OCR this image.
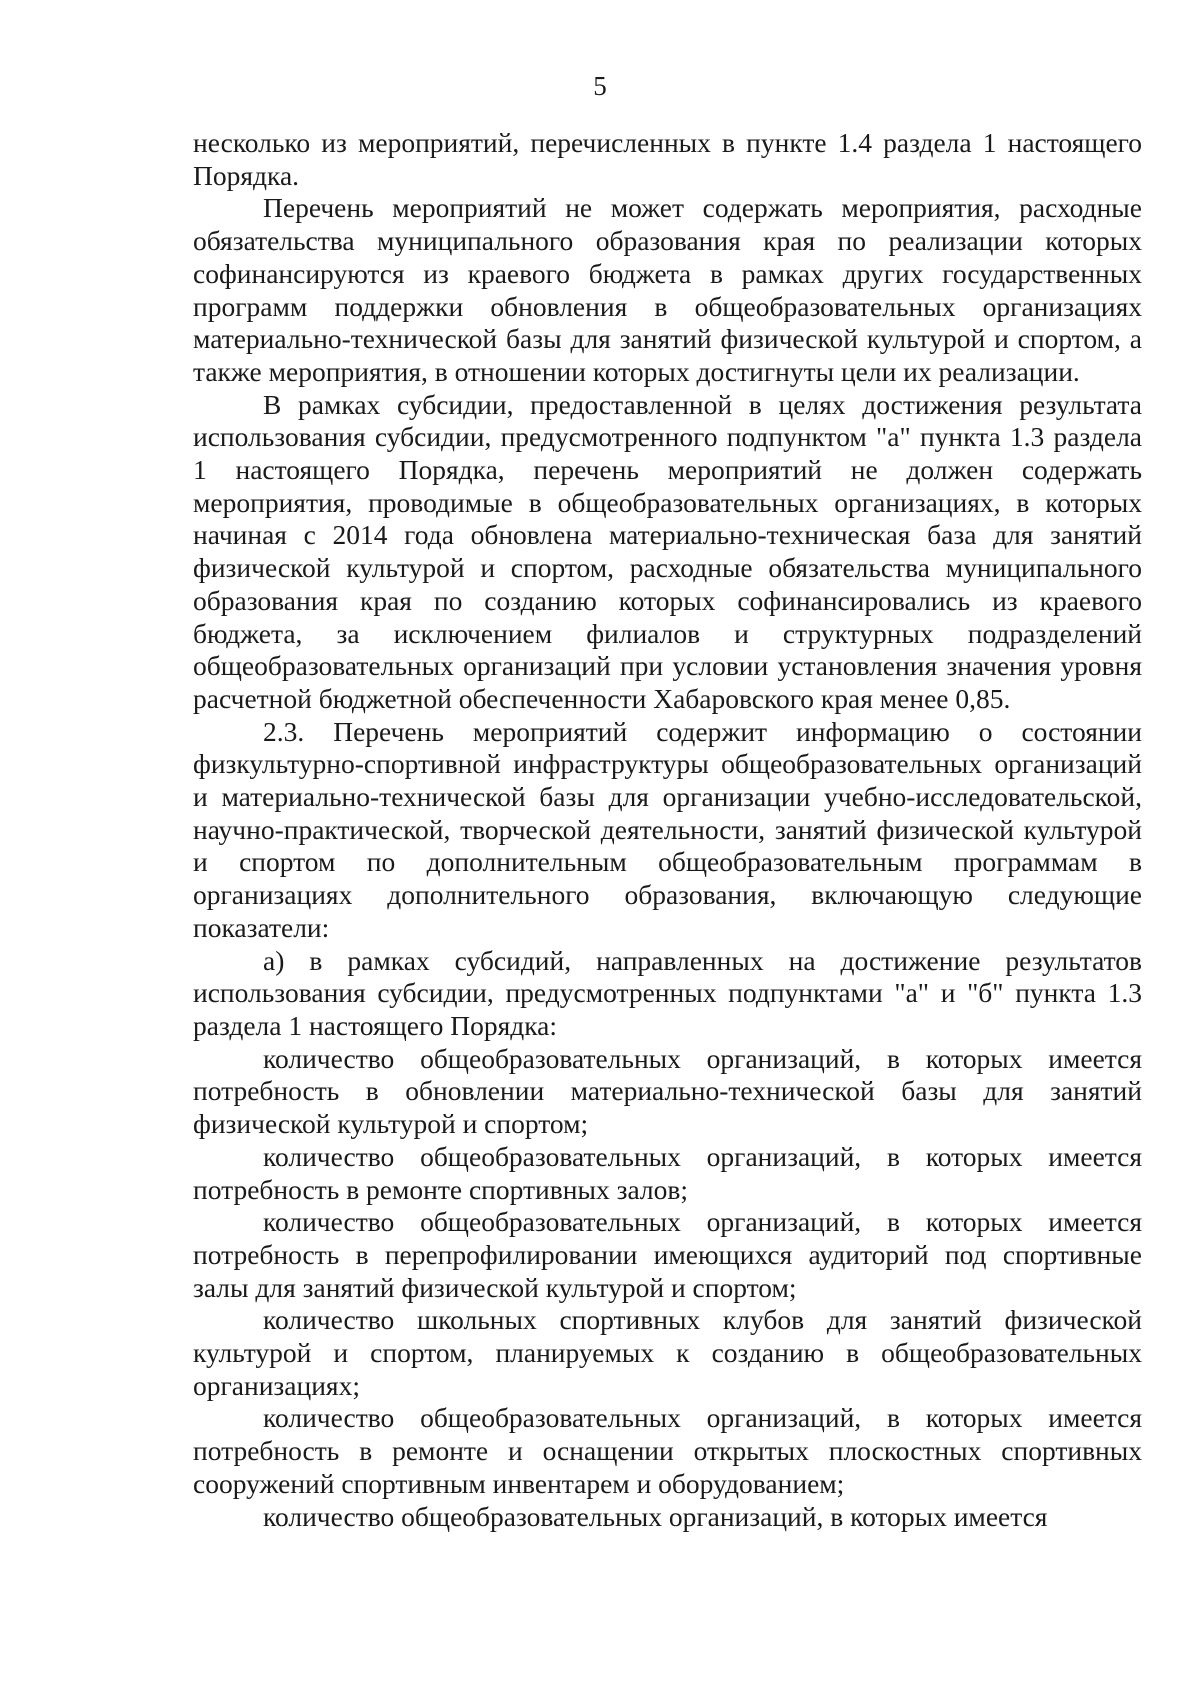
5

несколько из мероприятий, перечисленных в пункте 1.4 раздела 1 настоящего Порядка.

Перечень мероприятий не может содержать мероприятия, расходные обязательства муниципального образования края по реализации которых софинансируются из краевого бюджета в рамках других государственных программ поддержки обновления в общеобразовательных организациях материально-технической базы для занятий физической культурой и спортом, а также мероприятия, в отношении которых достигнуты цели их реализации.

В рамках субсидии, предоставленной в целях достижения результата использования субсидии, предусмотренного подпунктом "а" пункта 1.3 раздела 1 настоящего Порядка, перечень мероприятий не должен содержать мероприятия, проводимые в общеобразовательных организациях, в которых начиная с 2014 года обновлена материально-техническая база для занятий физической культурой и спортом, расходные обязательства муниципального образования края по созданию которых софинансировались из краевого бюджета, за исключением филиалов и структурных подразделений общеобразовательных организаций при условии установления значения уровня расчетной бюджетной обеспеченности Хабаровского края менее 0,85.

2.3. Перечень мероприятий содержит информацию о состоянии физкультурно-спортивной инфраструктуры общеобразовательных организаций и материально-технической базы для организации учебно-исследовательской, научно-практической, творческой деятельности, занятий физической культурой и спортом по дополнительным общеобразовательным программам в организациях дополнительного образования, включающую следующие показатели:

а) в рамках субсидий, направленных на достижение результатов использования субсидии, предусмотренных подпунктами "а" и "б" пункта 1.3 раздела 1 настоящего Порядка:

количество общеобразовательных организаций, в которых имеется потребность в обновлении материально-технической базы для занятий физической культурой и спортом;

количество общеобразовательных организаций, в которых имеется потребность в ремонте спортивных залов;

количество общеобразовательных организаций, в которых имеется потребность в перепрофилировании имеющихся аудиторий под спортивные залы для занятий физической культурой и спортом;

количество школьных спортивных клубов для занятий физической культурой и спортом, планируемых к созданию в общеобразовательных организациях;

количество общеобразовательных организаций, в которых имеется потребность в ремонте и оснащении открытых плоскостных спортивных сооружений спортивным инвентарем и оборудованием;

количество общеобразовательных организаций, в которых имеется
